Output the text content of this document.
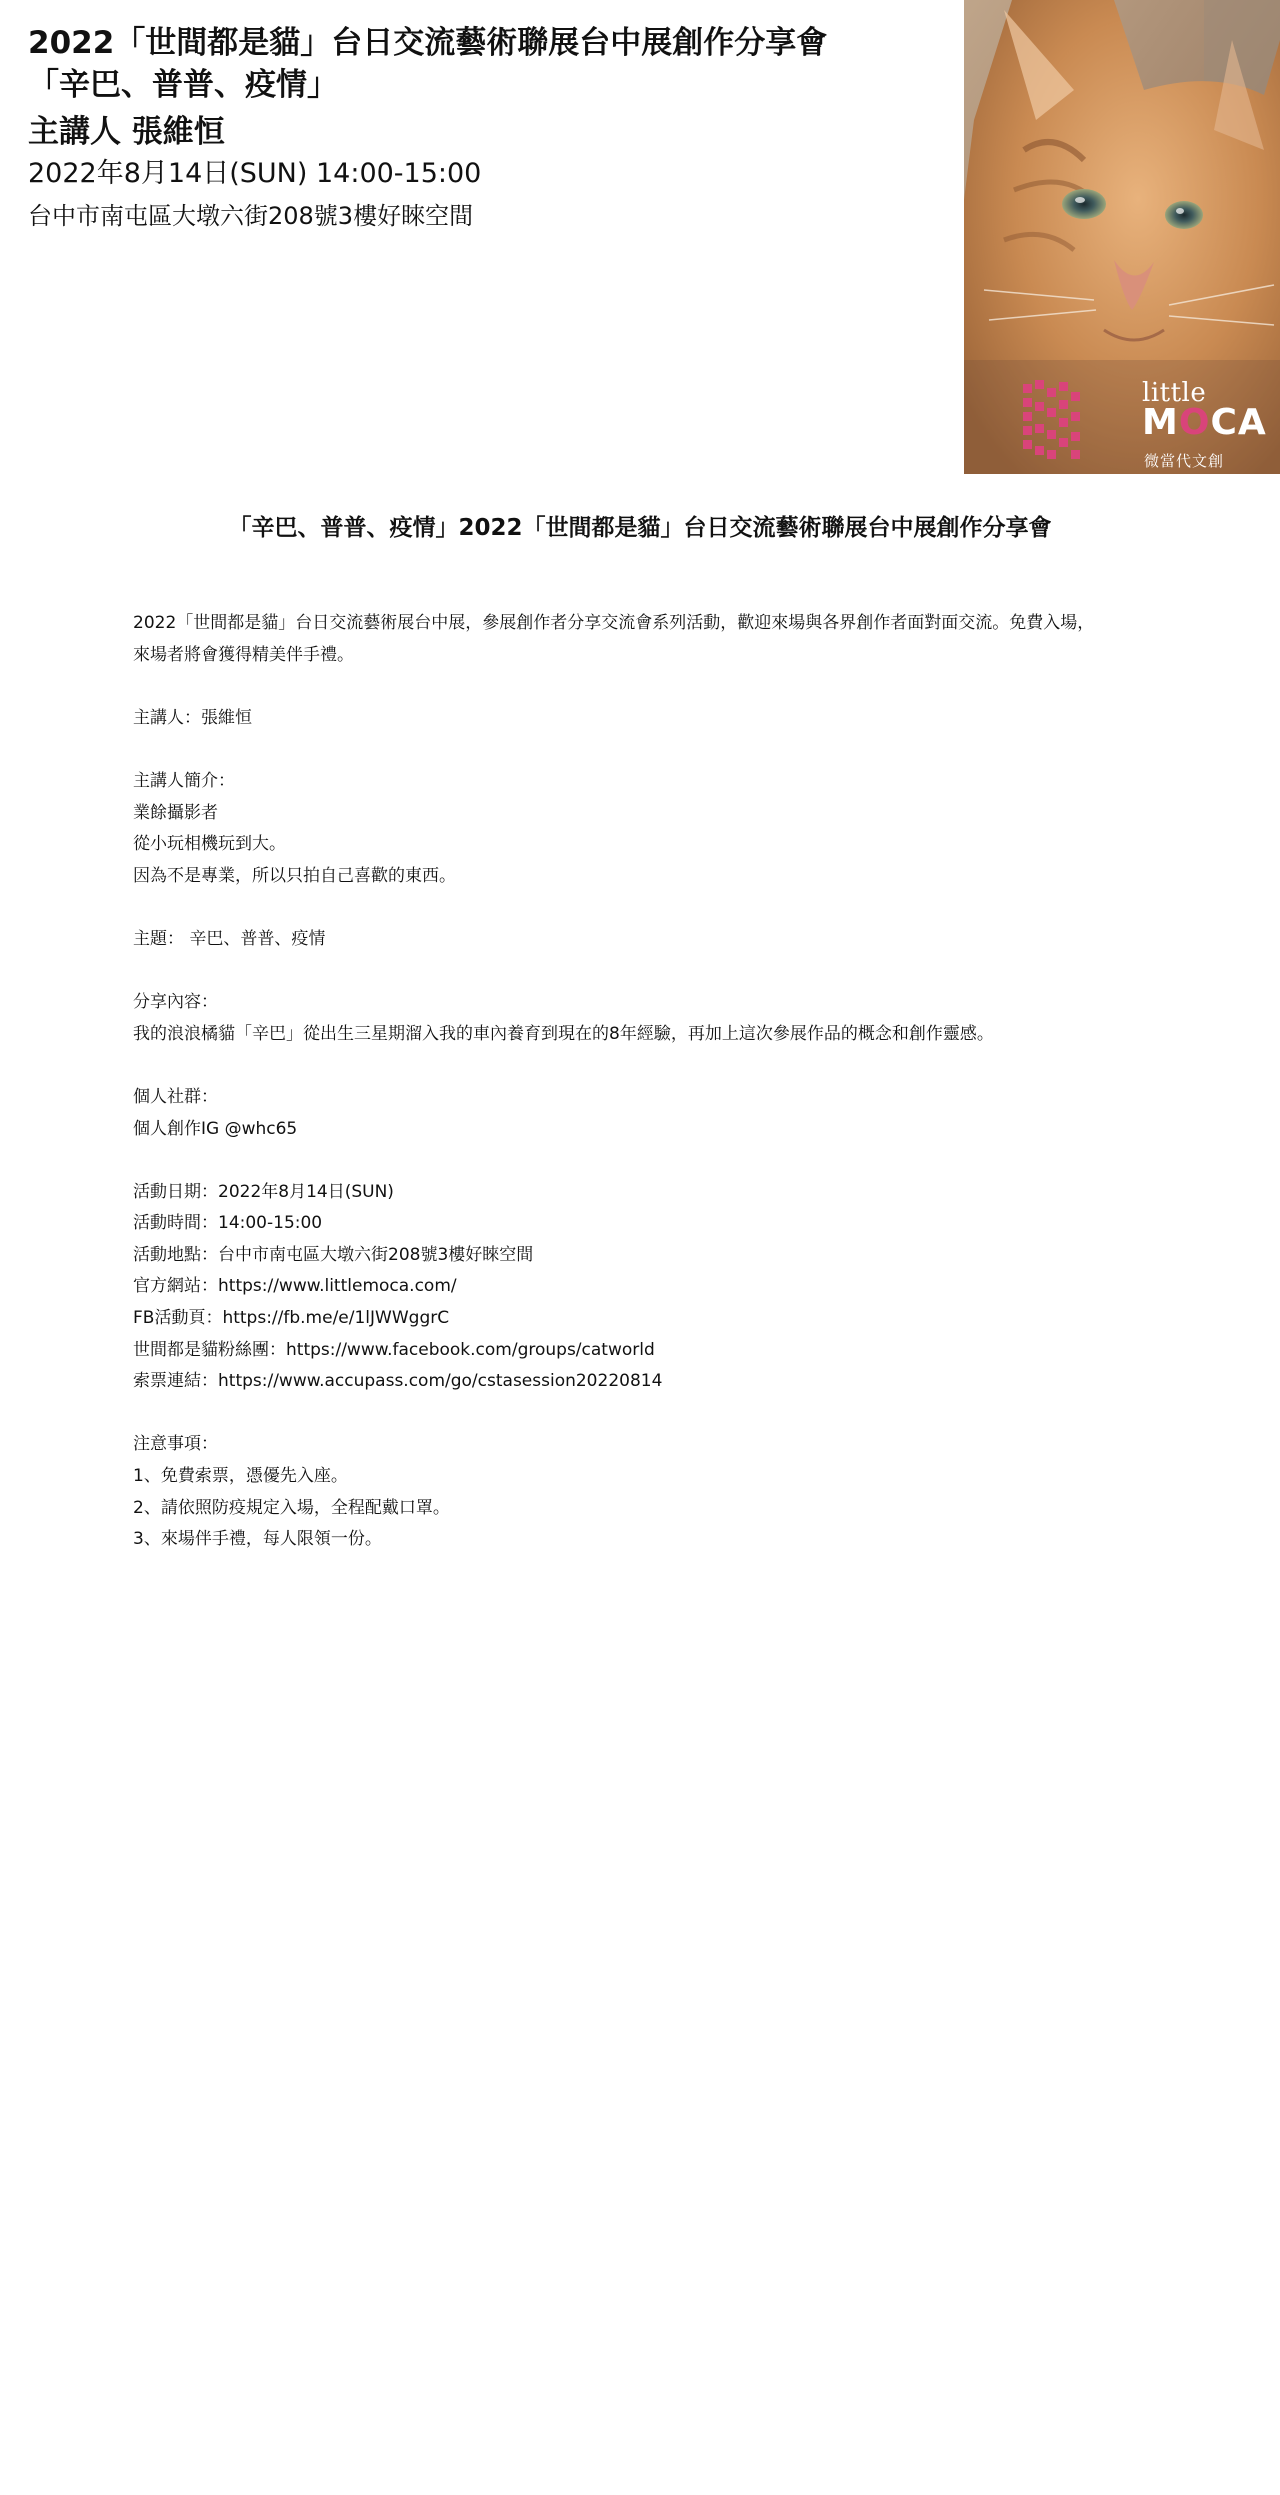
2022「世間都是貓」台日交流藝術聯展台中展創作分享會

「辛巴、普普、疫情」

主講人 張維恒

2022年8月14日(SUN) 14:00-15:00

台中市南屯區大墩六街208號3樓好睞空間

little
MOCA
微當代文創
「辛巴、普普、疫情」2022「世間都是貓」台日交流藝術聯展台中展創作分享會

2022「世間都是貓」台日交流藝術展台中展，參展創作者分享交流會系列活動，歡迎來場與各界創作者面對面交流。免費入場，

來場者將會獲得精美伴手禮。

主講人：張維恒

主講人簡介：

業餘攝影者

從小玩相機玩到大。

因為不是專業，所以只拍自己喜歡的東西。

主題： 辛巴、普普、疫情

分享內容：

我的浪浪橘貓「辛巴」從出生三星期溜入我的車內養育到現在的8年經驗，再加上這次參展作品的概念和創作靈感。

個人社群：

個人創作IG @whc65

活動日期：2022年8月14日(SUN)

活動時間：14:00-15:00

活動地點：台中市南屯區大墩六街208號3樓好睞空間

官方網站：https://www.littlemoca.com/

FB活動頁：https://fb.me/e/1lJWWggrC

世間都是貓粉絲團：https://www.facebook.com/groups/catworld

索票連結：https://www.accupass.com/go/cstasession20220814

注意事項：

1、免費索票，憑優先入座。

2、請依照防疫規定入場，全程配戴口罩。

3、來場伴手禮，每人限領一份。
